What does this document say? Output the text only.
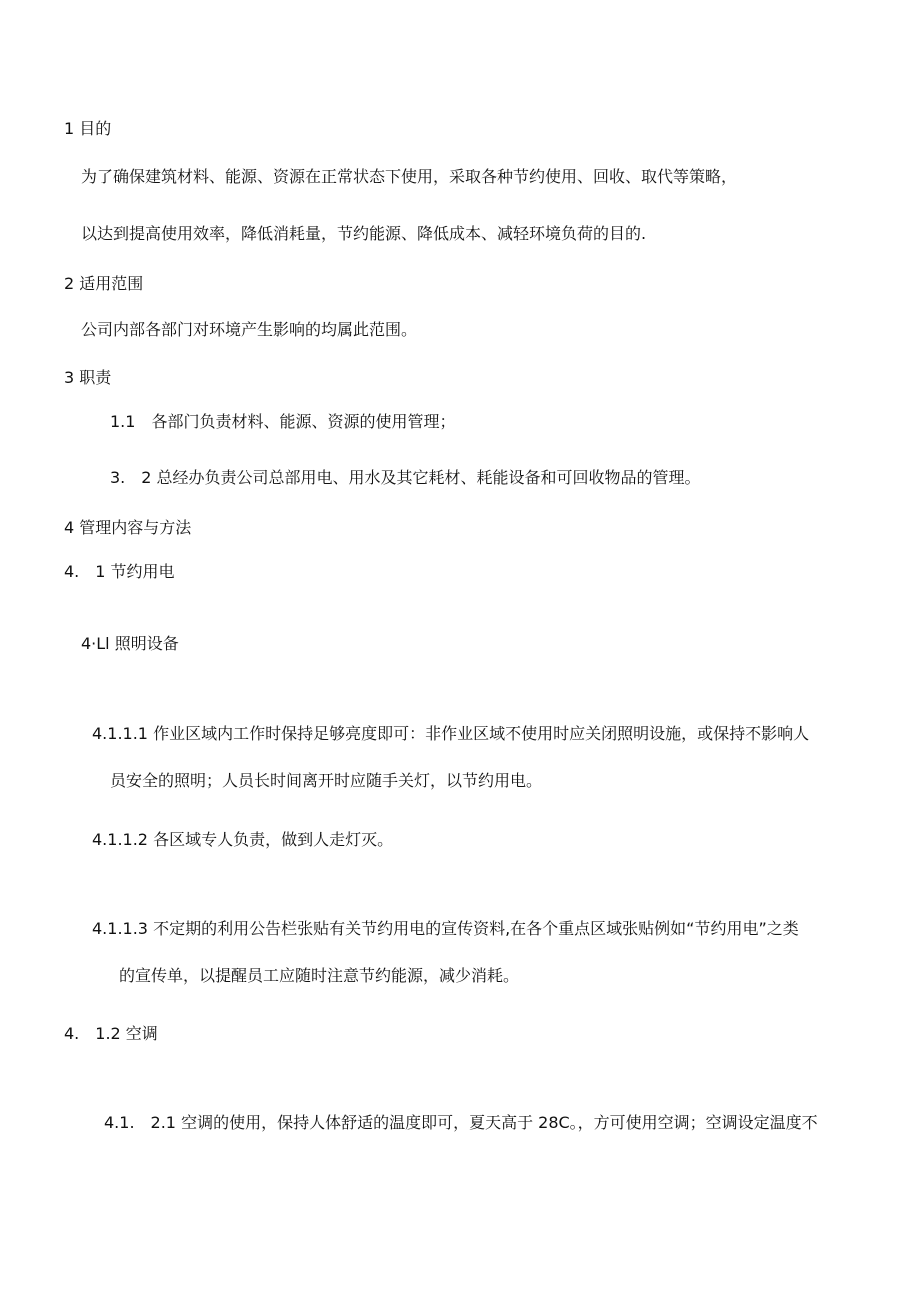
1 目的
为了确保建筑材料、能源、资源在正常状态下使用，采取各种节约使用、回收、取代等策略，
以达到提高使用效率，降低消耗量，节约能源、降低成本、减轻环境负荷的目的.
2 适用范围
公司内部各部门对环境产生影响的均属此范围。
3 职责
1.1　各部门负责材料、能源、资源的使用管理；
3.　2 总经办负责公司总部用电、用水及其它耗材、耗能设备和可回收物品的管理。
4 管理内容与方法
4.　1 节约用电
4·Ll 照明设备
4.1.1.1 作业区域内工作时保持足够亮度即可：非作业区域不使用时应关闭照明设施，或保持不影响人
员安全的照明；人员长时间离开时应随手关灯，以节约用电。
4.1.1.2 各区域专人负责，做到人走灯灭。
4.1.1.3 不定期的利用公告栏张贴有关节约用电的宣传资料,在各个重点区域张贴例如“节约用电”之类
的宣传单，以提醒员工应随时注意节约能源，减少消耗。
4.　1.2 空调
4.1.　2.1 空调的使用，保持人体舒适的温度即可，夏天高于 28C。，方可使用空调；空调设定温度不
